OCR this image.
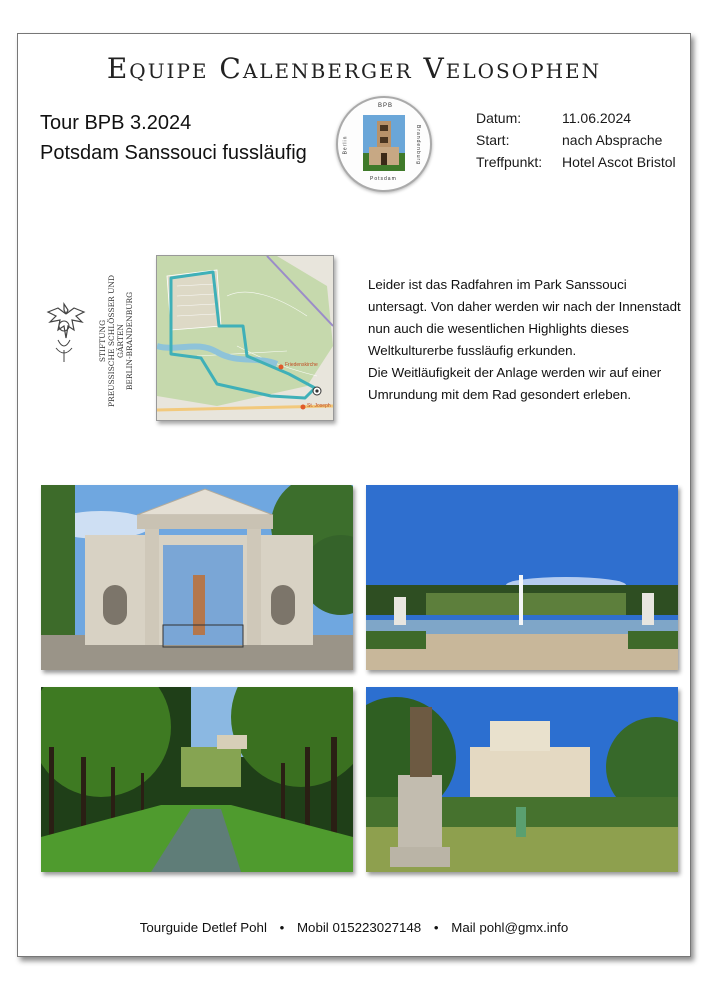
Equipe Calenberger Velosophen
Tour BPB 3.2024
Potsdam Sanssouci fussläufig
BPB
Potsdam
Berlin	Brandenburg
Datum:	11.06.2024
Start:	nach Absprache
Treffpunkt:	Hotel Ascot Bristol
STIFTUNG PREUSSISCHE SCHLÖSSER UND GÄRTEN BERLIN-BRANDENBURG	Friedenskirche
St. Joseph

Leider ist das Radfahren im Park Sanssouci untersagt. Von daher werden wir nach der Innenstadt nun auch die wesentlichen Highlights dieses Weltkulturerbe fussläufig erkunden.

Die Weitläufigkeit der Anlage werden wir auf einer Umrundung mit dem Rad gesondert erleben.

Tourguide Detlef Pohl • Mobil 015223027148 • Mail pohl@gmx.info
